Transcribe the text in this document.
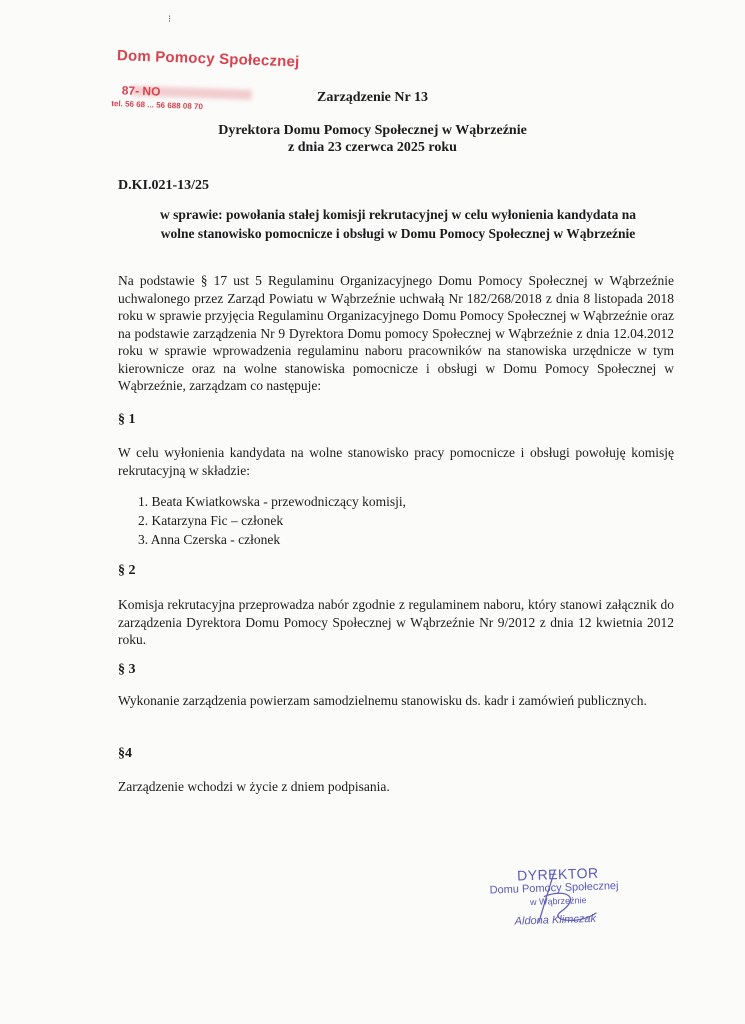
⁝
Dom Pomocy Społecznej
87- NO
tel. 56 68 ... 56 688 08 70
Zarządzenie Nr 13
Dyrektora Domu Pomocy Społecznej w Wąbrzeźnie
z dnia 23 czerwca 2025 roku
D.KI.021-13/25
w sprawie: powołania stałej komisji rekrutacyjnej w celu wyłonienia kandydata na
wolne stanowisko pomocnicze i obsługi w Domu Pomocy Społecznej w Wąbrzeźnie
Na podstawie § 17 ust 5 Regulaminu Organizacyjnego Domu Pomocy Społecznej w Wąbrzeźnie uchwalonego przez Zarząd Powiatu w Wąbrzeźnie uchwałą Nr 182/268/2018 z dnia 8 listopada 2018 roku w sprawie przyjęcia Regulaminu Organizacyjnego Domu Pomocy Społecznej w Wąbrzeźnie oraz na podstawie zarządzenia Nr 9 Dyrektora Domu pomocy Społecznej w Wąbrzeźnie z dnia 12.04.2012 roku w sprawie wprowadzenia regulaminu naboru pracowników na stanowiska urzędnicze w tym kierownicze oraz na wolne stanowiska pomocnicze i obsługi w Domu Pomocy Społecznej w Wąbrzeźnie, zarządzam co następuje:
§ 1
W celu wyłonienia kandydata na wolne stanowisko pracy pomocnicze i obsługi powołuję komisję rekrutacyjną w składzie:
1. Beata Kwiatkowska - przewodniczący komisji,
2. Katarzyna Fic – członek
3. Anna Czerska - członek
§ 2
Komisja rekrutacyjna przeprowadza nabór zgodnie z regulaminem naboru, który stanowi załącznik do zarządzenia Dyrektora Domu Pomocy Społecznej w Wąbrzeźnie Nr 9/2012 z dnia 12 kwietnia 2012 roku.
§ 3
Wykonanie zarządzenia powierzam samodzielnemu stanowisku ds. kadr i zamówień publicznych.
§4
Zarządzenie wchodzi w życie z dniem podpisania.
DYREKTOR
Domu Pomocy Społecznej
w Wąbrzeźnie
Aldona Klimczak
